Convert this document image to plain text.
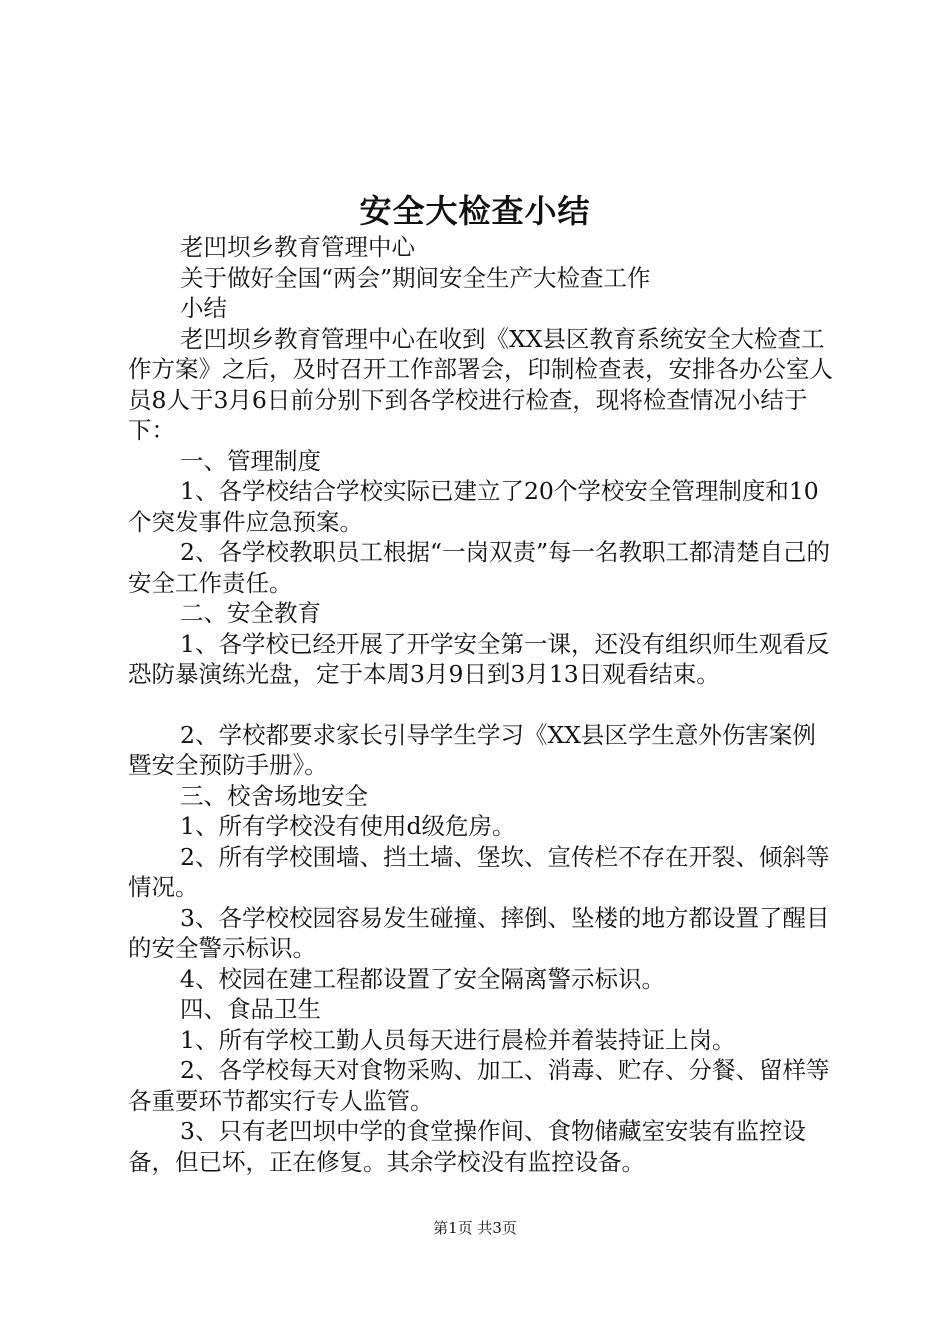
安全大检查小结

老凹坝乡教育管理中心

关于做好全国“两会”期间安全生产大检查工作

小结

老凹坝乡教育管理中心在收到《XX县区教育系统安全大检查工作方案》之后，及时召开工作部署会，印制检查表，安排各办公室人员8人于3月6日前分别下到各学校进行检查，现将检查情况小结于下：

一、管理制度

1、各学校结合学校实际已建立了20个学校安全管理制度和10个突发事件应急预案。

2、各学校教职员工根据“一岗双责”每一名教职工都清楚自己的安全工作责任。

二、安全教育

1、各学校已经开展了开学安全第一课，还没有组织师生观看反恐防暴演练光盘，定于本周3月9日到3月13日观看结束。

2、学校都要求家长引导学生学习《XX县区学生意外伤害案例暨安全预防手册》。

三、校舍场地安全

1、所有学校没有使用d级危房。

2、所有学校围墙、挡土墙、堡坎、宣传栏不存在开裂、倾斜等情况。

3、各学校校园容易发生碰撞、摔倒、坠楼的地方都设置了醒目的安全警示标识。

4、校园在建工程都设置了安全隔离警示标识。

四、食品卫生

1、所有学校工勤人员每天进行晨检并着装持证上岗。

2、各学校每天对食物采购、加工、消毒、贮存、分餐、留样等各重要环节都实行专人监管。

3、只有老凹坝中学的食堂操作间、食物储藏室安装有监控设备，但已坏，正在修复。其余学校没有监控设备。

第1页 共3页
